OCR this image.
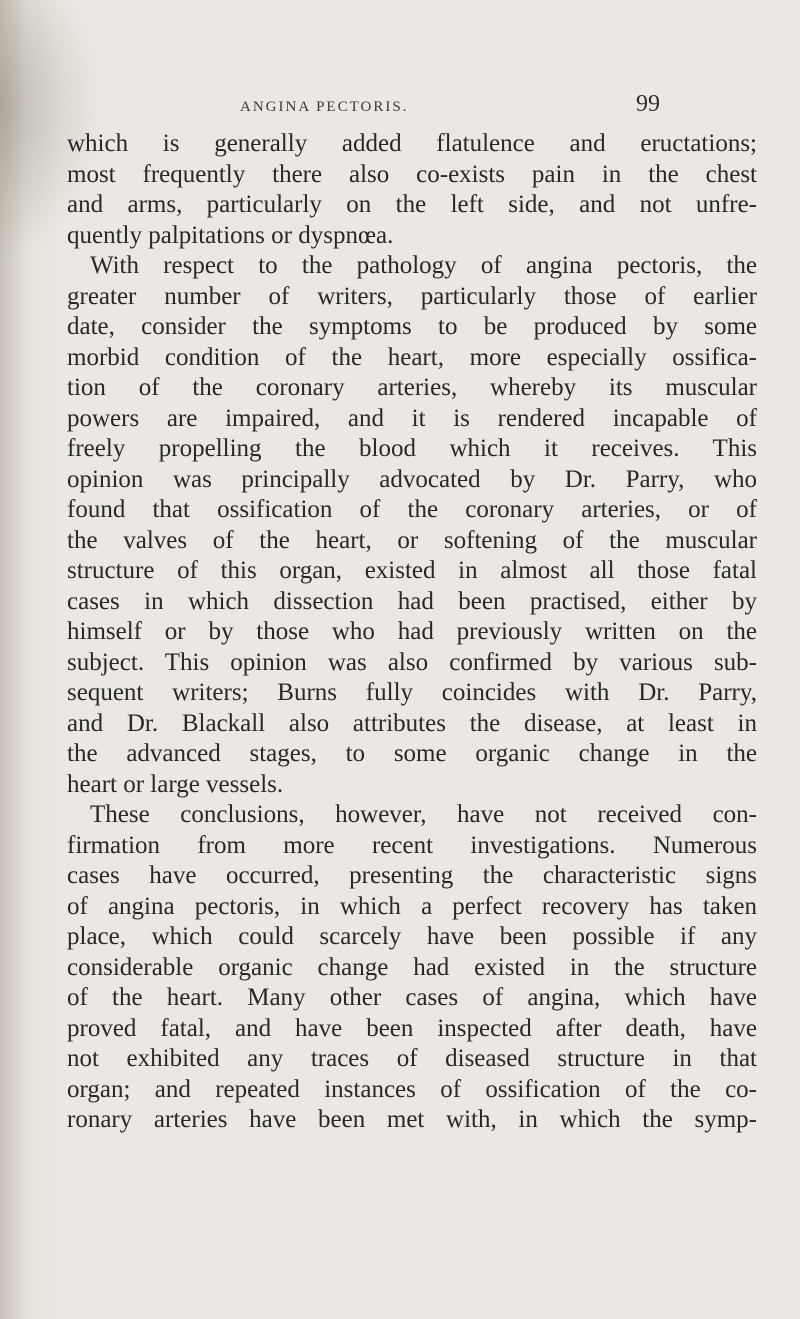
ANGINA PECTORIS.	99
which is generally added flatulence and eructations;
most frequently there also co-exists pain in the chest
and arms, particularly on the left side, and not unfre-
quently palpitations or dyspnœa.
With respect to the pathology of angina pectoris, the
greater number of writers, particularly those of earlier
date, consider the symptoms to be produced by some
morbid condition of the heart, more especially ossifica-
tion of the coronary arteries, whereby its muscular
powers are impaired, and it is rendered incapable of
freely propelling the blood which it receives. This
opinion was principally advocated by Dr. Parry, who
found that ossification of the coronary arteries, or of
the valves of the heart, or softening of the muscular
structure of this organ, existed in almost all those fatal
cases in which dissection had been practised, either by
himself or by those who had previously written on the
subject. This opinion was also confirmed by various sub-
sequent writers; Burns fully coincides with Dr. Parry,
and Dr. Blackall also attributes the disease, at least in
the advanced stages, to some organic change in the
heart or large vessels.
These conclusions, however, have not received con-
firmation from more recent investigations. Numerous
cases have occurred, presenting the characteristic signs
of angina pectoris, in which a perfect recovery has taken
place, which could scarcely have been possible if any
considerable organic change had existed in the structure
of the heart. Many other cases of angina, which have
proved fatal, and have been inspected after death, have
not exhibited any traces of diseased structure in that
organ; and repeated instances of ossification of the co-
ronary arteries have been met with, in which the symp-
